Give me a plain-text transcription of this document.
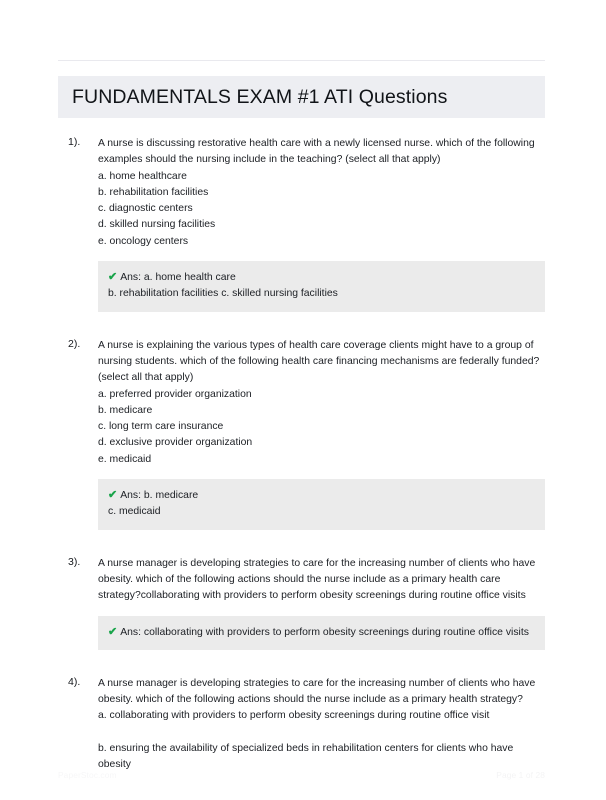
FUNDAMENTALS EXAM #1 ATI Questions
1).	A nurse is discussing restorative health care with a newly licensed nurse. which of the following examples should the nursing include in the teaching? (select all that apply)
a. home healthcare
b. rehabilitation facilities
c. diagnostic centers
d. skilled nursing facilities
e. oncology centers
✔ Ans: a. home health care
b. rehabilitation facilities c. skilled nursing facilities
2).	A nurse is explaining the various types of health care coverage clients might have to a group of nursing students. which of the following health care financing mechanisms are federally funded? (select all that apply)
a. preferred provider organization
b. medicare
c. long term care insurance
d. exclusive provider organization
e. medicaid
✔ Ans: b. medicare
c. medicaid
3).	A nurse manager is developing strategies to care for the increasing number of clients who have obesity. which of the following actions should the nurse include as a primary health care strategy?collaborating with providers to perform obesity screenings during routine office visits
✔ Ans: collaborating with providers to perform obesity screenings during routine office visits
4).	A nurse manager is developing strategies to care for the increasing number of clients who have obesity. which of the following actions should the nurse include as a primary health strategy?
a. collaborating with providers to perform obesity screenings during routine office visit
b. ensuring the availability of specialized beds in rehabilitation centers for clients who have obesity
PaperStoc.com	Page 1 of 28
